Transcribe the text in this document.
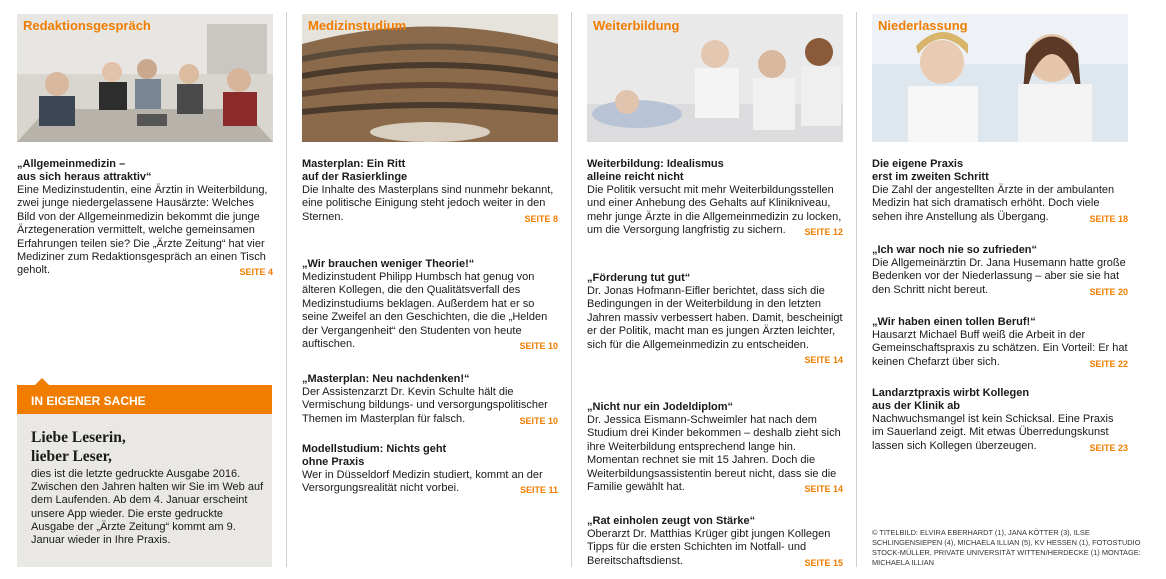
Redaktionsgespräch

„Allgemeinmedizin –
aus sich heraus attraktiv“

Eine Medizinstudentin, eine Ärztin in Weiterbildung, zwei junge niedergelassene Hausärzte: Welches Bild von der Allgemeinmedizin bekommt die junge Ärztegeneration vermittelt, welche gemeinsamen Erfahrungen teilen sie? Die „Ärzte Zeitung“ hat vier Mediziner zum Redaktionsgespräch an einen Tisch geholt.	SEITE 4

IN EIGENER SACHE
Liebe Leserin,
lieber Leser,

dies ist die letzte gedruckte Ausgabe 2016. Zwischen den Jahren halten wir Sie im Web auf dem Laufenden. Ab dem 4. Januar erscheint unsere App wieder. Die erste gedruckte Ausgabe der „Ärzte Zeitung“ kommt am 9. Januar wieder in Ihre Praxis.

Medizinstudium

Masterplan: Ein Ritt
auf der Rasierklinge

Die Inhalte des Masterplans sind nunmehr bekannt, eine politische Einigung steht jedoch weiter in den Sternen.	SEITE 8

„Wir brauchen weniger Theorie!“

Medizinstudent Philipp Humbsch hat genug von älteren Kollegen, die den Qualitätsverfall des Medizinstudiums beklagen. Außerdem hat er so seine Zweifel an den Geschichten, die die „Helden der Vergangenheit“ den Studenten von heute auftischen.	SEITE 10

„Masterplan: Neu nachdenken!“

Der Assistenzarzt Dr. Kevin Schulte hält die Vermischung bildungs- und versorgungspolitischer Themen im Masterplan für falsch.	SEITE 10

Modellstudium: Nichts geht
ohne Praxis

Wer in Düsseldorf Medizin studiert, kommt an der Versorgungsrealität nicht vorbei.	SEITE 11

Weiterbildung

Weiterbildung: Idealismus
alleine reicht nicht

Die Politik versucht mit mehr Weiterbildungsstellen und einer Anhebung des Gehalts auf Klinikniveau, mehr junge Ärzte in die Allgemeinmedizin zu locken, um die Versorgung langfristig zu sichern. SEITE 12

„Förderung tut gut“

Dr. Jonas Hofmann-Eifler berichtet, dass sich die Bedingungen in der Weiterbildung in den letzten Jahren massiv verbessert haben. Damit, bescheinigt er der Politik, macht man es jungen Ärzten leichter, sich für die Allgemeinmedizin zu entscheiden.
SEITE 14

„Nicht nur ein Jodeldiplom“

Dr. Jessica Eismann-Schweimler hat nach dem Studium drei Kinder bekommen – deshalb zieht sich ihre Weiterbildung entsprechend lange hin. Momentan rechnet sie mit 15 Jahren. Doch die Weiterbildungsassistentin bereut nicht, dass sie die Familie gewählt hat.	SEITE 14

„Rat einholen zeugt von Stärke“

Oberarzt Dr. Matthias Krüger gibt jungen Kollegen Tipps für die ersten Schichten im Notfall- und Bereitschaftsdienst.	SEITE 15

Niederlassung

Die eigene Praxis
erst im zweiten Schritt

Die Zahl der angestellten Ärzte in der ambulanten Medizin hat sich dramatisch erhöht. Doch viele sehen ihre Anstellung als Übergang.	SEITE 18

„Ich war noch nie so zufrieden“

Die Allgemeinärztin Dr. Jana Husemann hatte große Bedenken vor der Niederlassung – aber sie sie hat den Schritt nicht bereut.	SEITE 20

„Wir haben einen tollen Beruf!“

Hausarzt Michael Buff weiß die Arbeit in der Gemeinschaftspraxis zu schätzen. Ein Vorteil: Er hat keinen Chefarzt über sich.	SEITE 22

Landarztpraxis wirbt Kollegen
aus der Klinik ab

Nachwuchsmangel ist kein Schicksal. Eine Praxis im Sauerland zeigt. Mit etwas Überredungskunst lassen sich Kollegen überzeugen.	SEITE 23

© TITELBILD: ELVIRA EBERHARDT (1), JANA KÖTTER (3), ILSE SCHLINGENSIEPEN (4), MICHAELA ILLIAN (5), KV HESSEN (1), FOTOSTUDIO STOCK-MÜLLER, PRIVATE UNIVERSITÄT WITTEN/HERDECKE (1) MONTAGE: MICHAELA ILLIAN
